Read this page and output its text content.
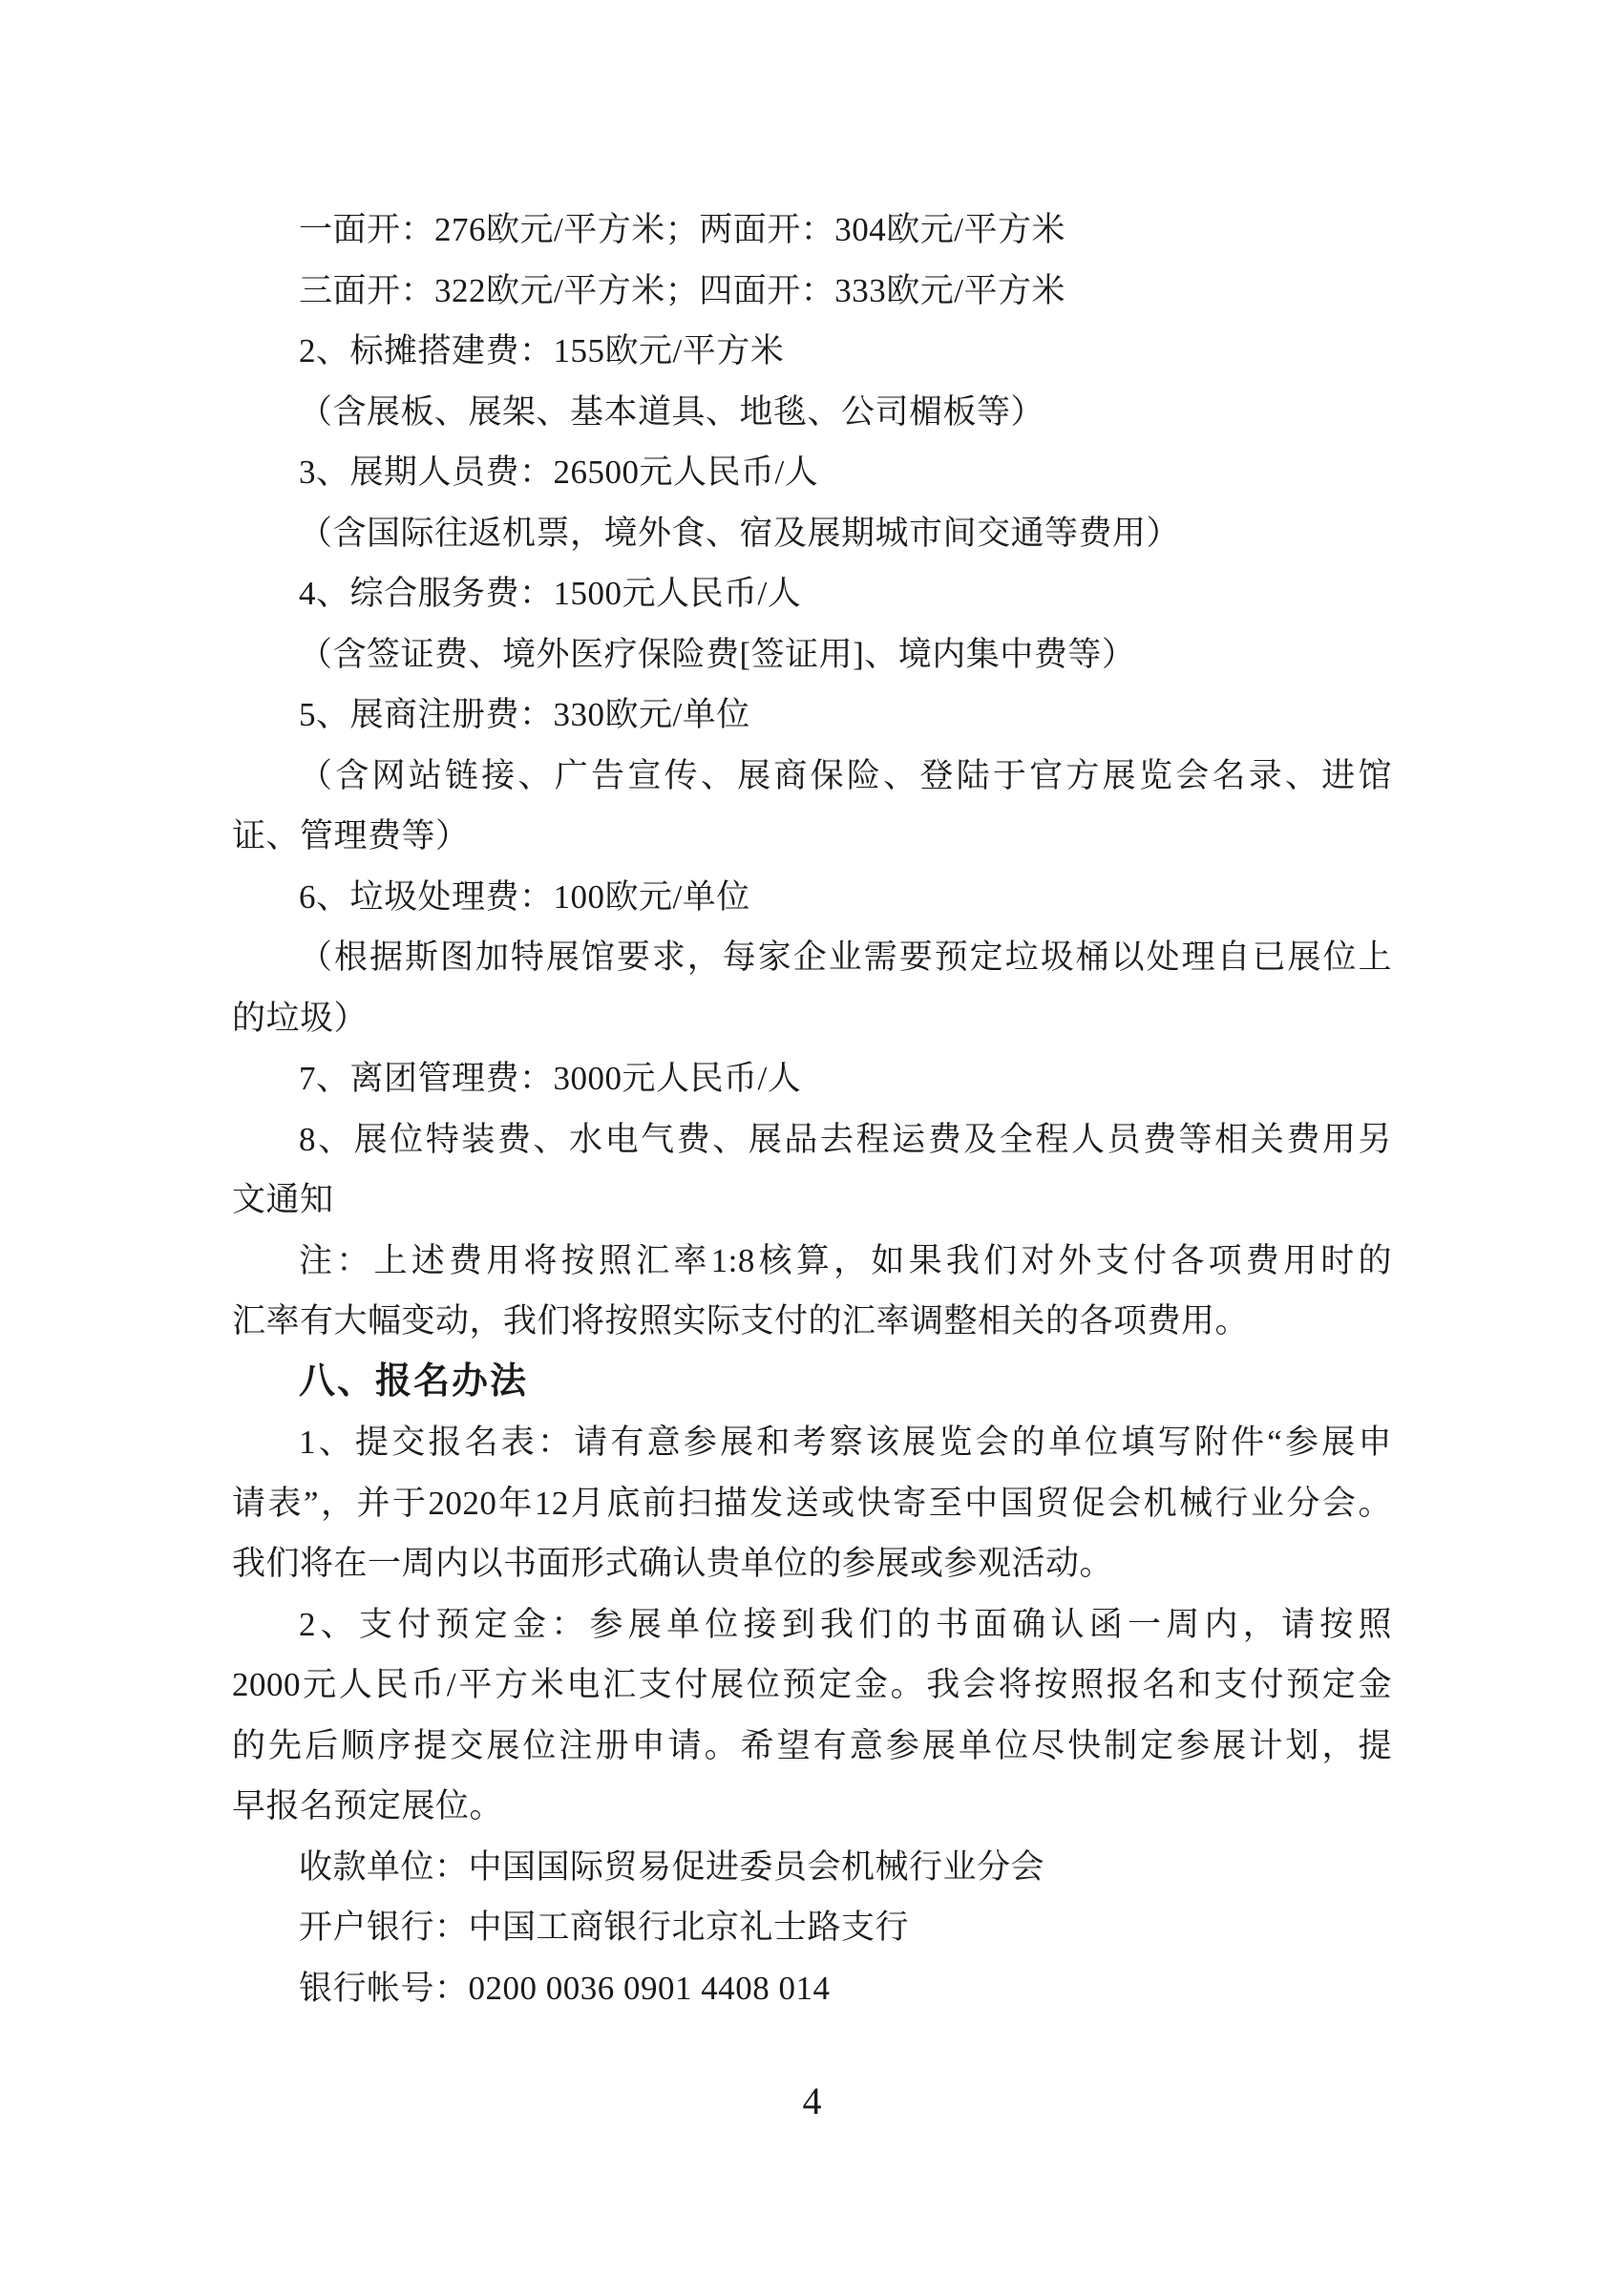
一面开：276欧元/平方米；两面开：304欧元/平方米
三面开：322欧元/平方米；四面开：333欧元/平方米
2、标摊搭建费：155欧元/平方米
（含展板、展架、基本道具、地毯、公司楣板等）
3、展期人员费：26500元人民币/人
（含国际往返机票，境外食、宿及展期城市间交通等费用）
4、综合服务费：1500元人民币/人
（含签证费、境外医疗保险费[签证用]、境内集中费等）
5、展商注册费：330欧元/单位
（含网站链接、广告宣传、展商保险、登陆于官方展览会名录、进馆
证、管理费等）
6、垃圾处理费：100欧元/单位
（根据斯图加特展馆要求，每家企业需要预定垃圾桶以处理自已展位上
的垃圾）
7、离团管理费：3000元人民币/人
8、展位特装费、水电气费、展品去程运费及全程人员费等相关费用另
文通知
注：上述费用将按照汇率1:8核算，如果我们对外支付各项费用时的
汇率有大幅变动，我们将按照实际支付的汇率调整相关的各项费用。
八、报名办法
1、提交报名表：请有意参展和考察该展览会的单位填写附件“参展申
请表”，并于2020年12月底前扫描发送或快寄至中国贸促会机械行业分会。
我们将在一周内以书面形式确认贵单位的参展或参观活动。
2、支付预定金：参展单位接到我们的书面确认函一周内，请按照
2000元人民币/平方米电汇支付展位预定金。我会将按照报名和支付预定金
的先后顺序提交展位注册申请。希望有意参展单位尽快制定参展计划，提
早报名预定展位。
收款单位：中国国际贸易促进委员会机械行业分会
开户银行：中国工商银行北京礼士路支行
银行帐号：0200 0036 0901 4408 014
4
